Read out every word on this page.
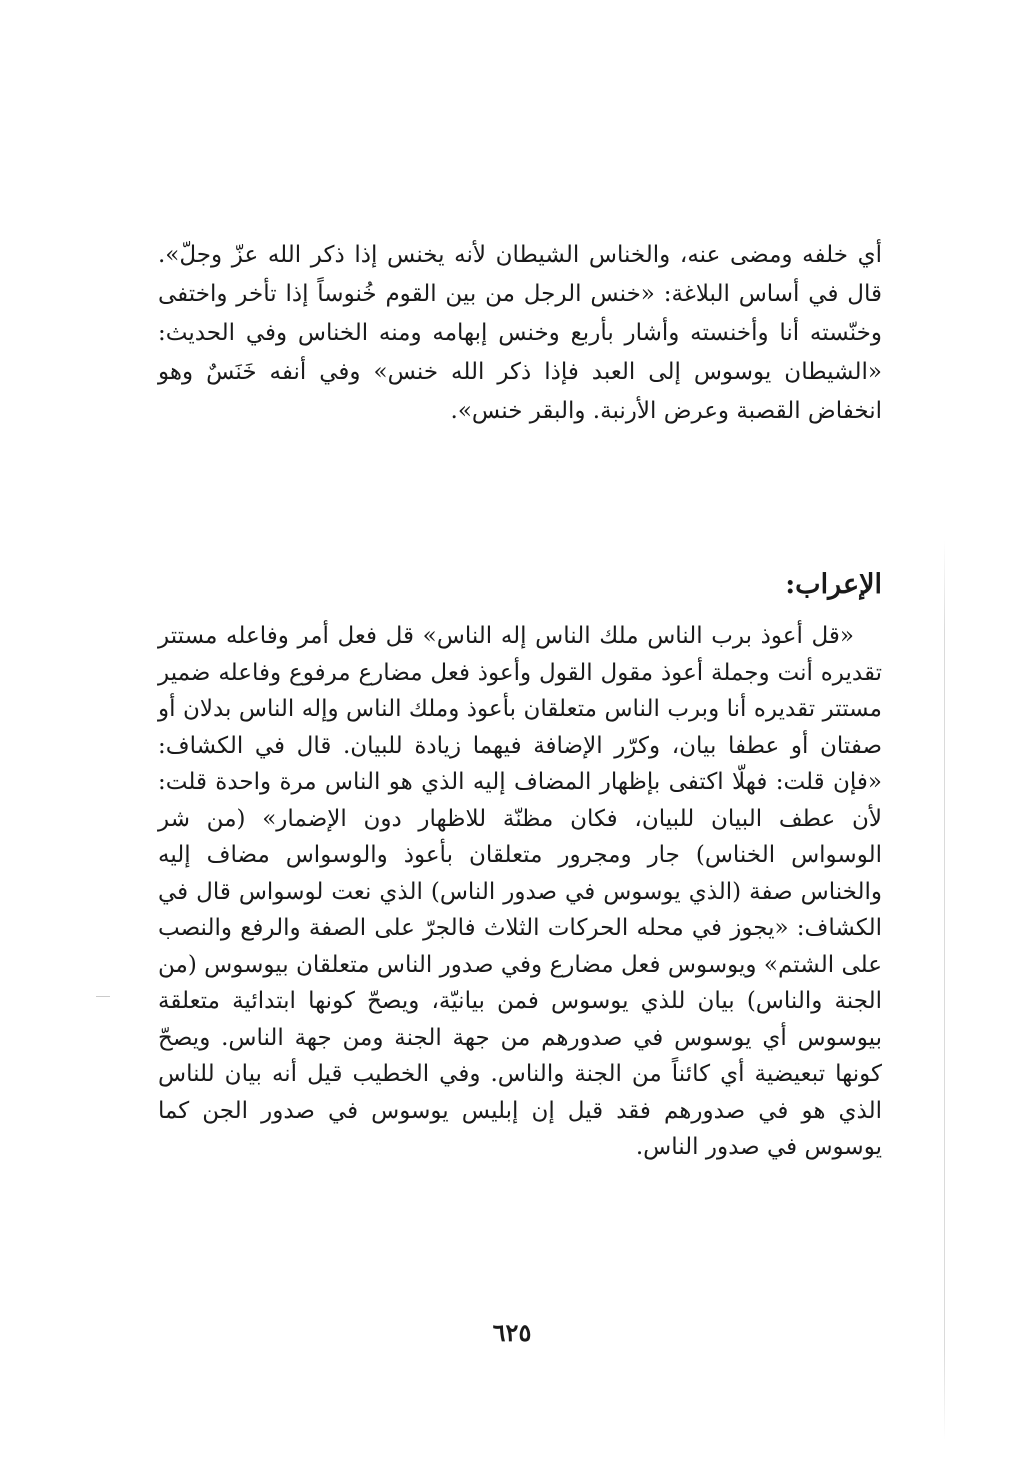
أي خلفه ومضى عنه، والخناس الشيطان لأنه يخنس إذا ذكر الله عزّ وجلّ». قال في أساس البلاغة: «خنس الرجل من بين القوم خُنوساً إذا تأخر واختفى وخنّسته أنا وأخنسته وأشار بأربع وخنس إبهامه ومنه الخناس وفي الحديث: «الشيطان يوسوس إلى العبد فإذا ذكر الله خنس» وفي أنفه خَنَسٌ وهو انخفاض القصبة وعرض الأرنبة. والبقر خنس».

الإعراب:

«قل أعوذ برب الناس ملك الناس إله الناس» قل فعل أمر وفاعله مستتر تقديره أنت وجملة أعوذ مقول القول وأعوذ فعل مضارع مرفوع وفاعله ضمير مستتر تقديره أنا وبرب الناس متعلقان بأعوذ وملك الناس وإله الناس بدلان أو صفتان أو عطفا بيان، وكرّر الإضافة فيهما زيادة للبيان. قال في الكشاف: «فإن قلت: فهلّا اكتفى بإظهار المضاف إليه الذي هو الناس مرة واحدة قلت: لأن عطف البيان للبيان، فكان مظنّة للاظهار دون الإضمار» (من شر الوسواس الخناس) جار ومجرور متعلقان بأعوذ والوسواس مضاف إليه والخناس صفة (الذي يوسوس في صدور الناس) الذي نعت لوسواس قال في الكشاف: «يجوز في محله الحركات الثلاث فالجرّ على الصفة والرفع والنصب على الشتم» ويوسوس فعل مضارع وفي صدور الناس متعلقان بيوسوس (من الجنة والناس) بيان للذي يوسوس فمن بيانيّة، ويصحّ كونها ابتدائية متعلقة بيوسوس أي يوسوس في صدورهم من جهة الجنة ومن جهة الناس. ويصحّ كونها تبعيضية أي كائناً من الجنة والناس. وفي الخطيب قيل أنه بيان للناس الذي هو في صدورهم فقد قيل إن إبليس يوسوس في صدور الجن كما يوسوس في صدور الناس.

٦٢٥
